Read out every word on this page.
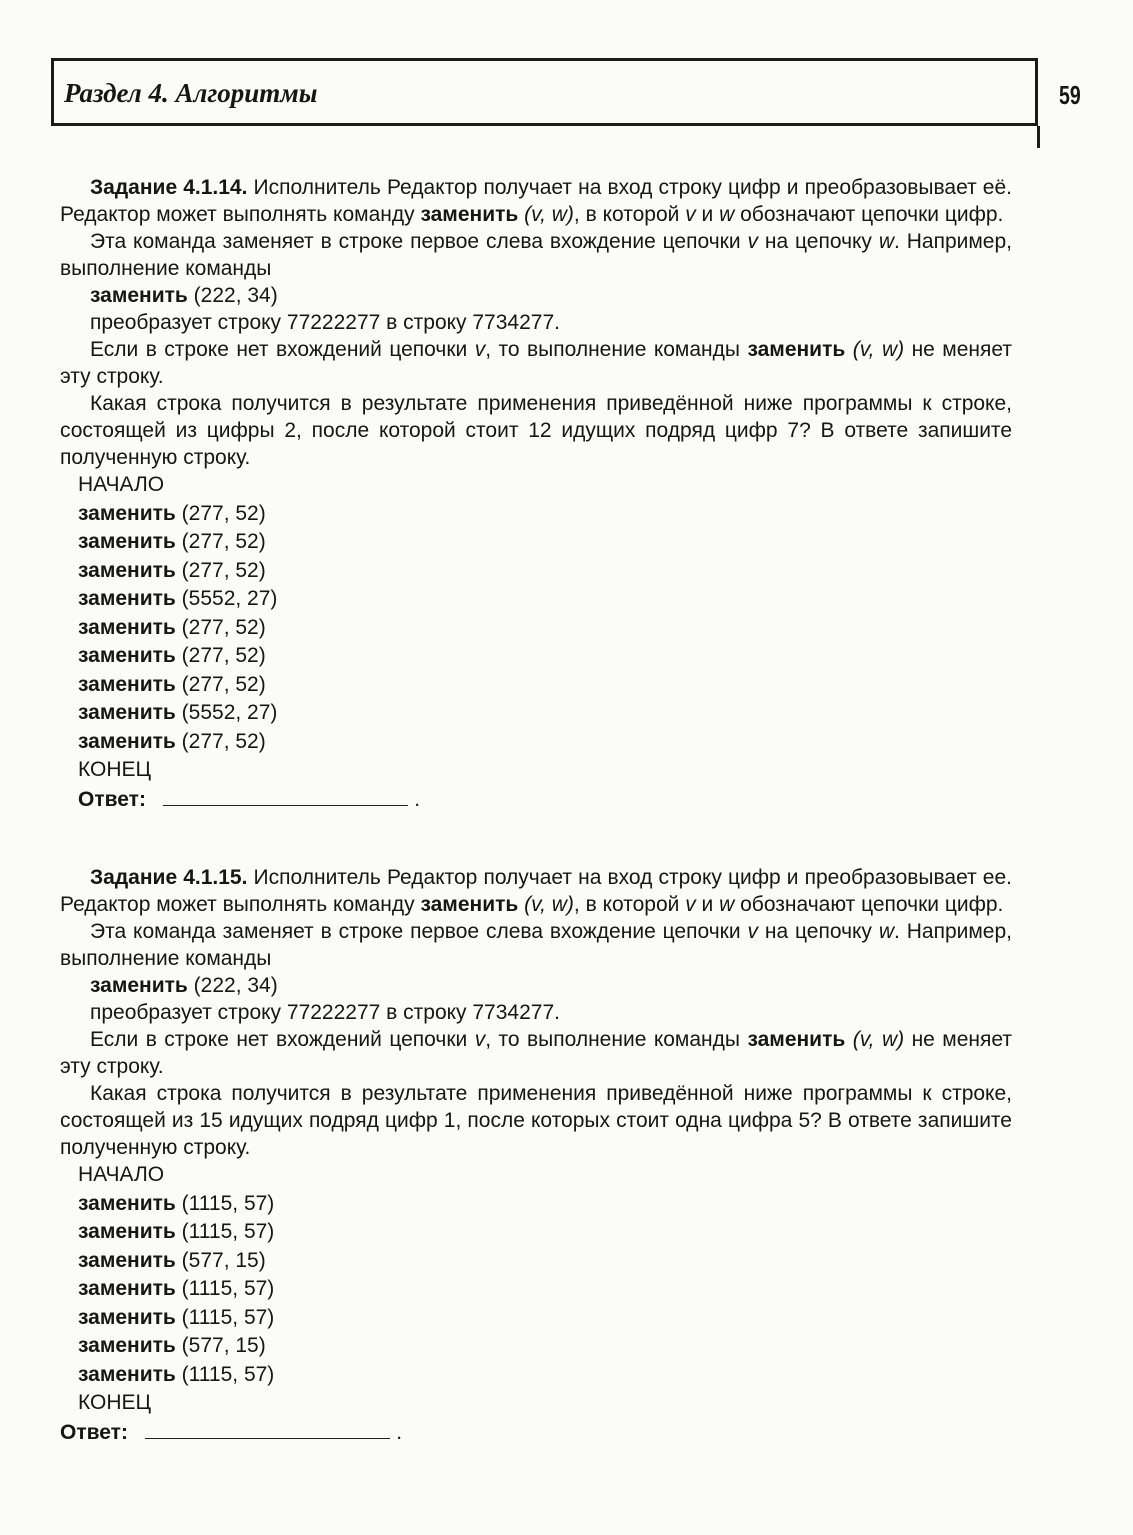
Раздел 4. Алгоритмы	59

Задание 4.1.14. Исполнитель Редактор получает на вход строку цифр и преобразовывает её. Редактор может выполнять команду заменить (v, w), в которой v и w обозначают цепочки цифр.

Эта команда заменяет в строке первое слева вхождение цепочки v на цепочку w. Например, выполнение команды

заменить (222, 34)

преобразует строку 77222277 в строку 7734277.

Если в строке нет вхождений цепочки v, то выполнение команды заменить (v, w) не меняет эту строку.

Какая строка получится в результате применения приведённой ниже программы к строке, состоящей из цифры 2, после которой стоит 12 идущих подряд цифр 7? В ответе запишите полученную строку.

НАЧАЛО
заменить (277, 52)
заменить (277, 52)
заменить (277, 52)
заменить (5552, 27)
заменить (277, 52)
заменить (277, 52)
заменить (277, 52)
заменить (5552, 27)
заменить (277, 52)
КОНЕЦ
Ответ:	.

Задание 4.1.15. Исполнитель Редактор получает на вход строку цифр и преобразовывает ее. Редактор может выполнять команду заменить (v, w), в которой v и w обозначают цепочки цифр.

Эта команда заменяет в строке первое слева вхождение цепочки v на цепочку w. Например, выполнение команды

заменить (222, 34)

преобразует строку 77222277 в строку 7734277.

Если в строке нет вхождений цепочки v, то выполнение команды заменить (v, w) не меняет эту строку.

Какая строка получится в результате применения приведённой ниже программы к строке, состоящей из 15 идущих подряд цифр 1, после которых стоит одна цифра 5? В ответе запишите полученную строку.

НАЧАЛО
заменить (1115, 57)
заменить (1115, 57)
заменить (577, 15)
заменить (1115, 57)
заменить (1115, 57)
заменить (577, 15)
заменить (1115, 57)
КОНЕЦ
Ответ:	.
